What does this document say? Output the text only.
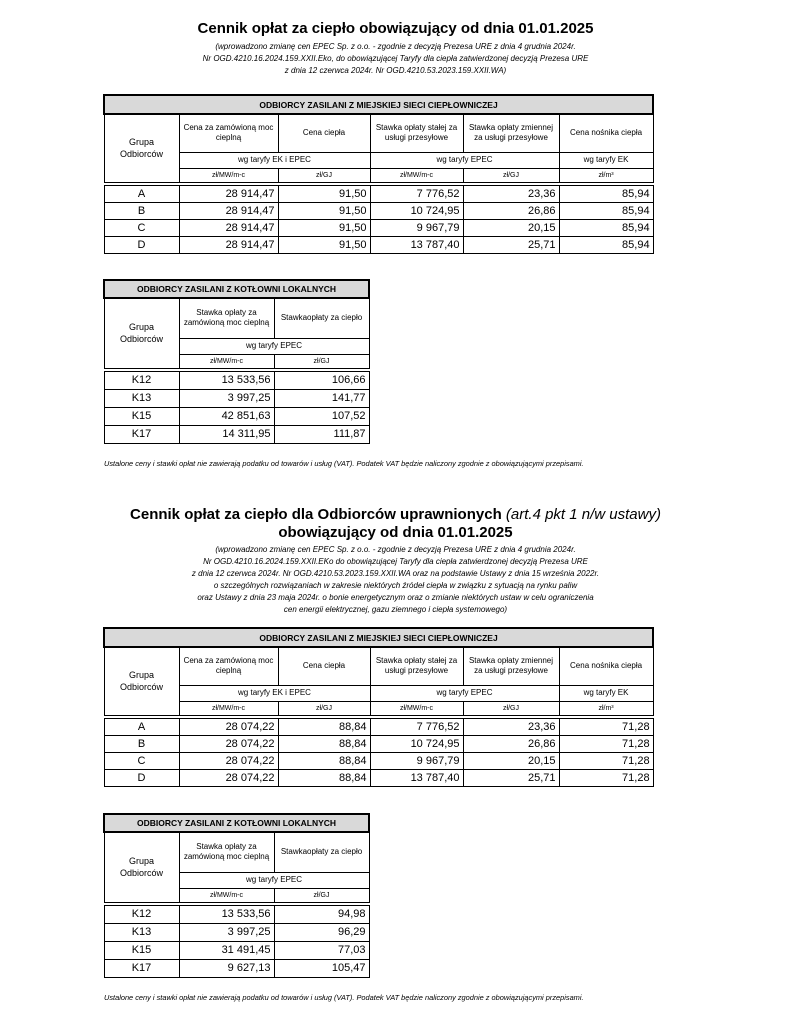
Cennik opłat za ciepło obowiązujący od dnia 01.01.2025
(wprowadzono zmianę cen EPEC Sp. z o.o. - zgodnie z decyzją Prezesa URE z dnia 4 grudnia 2024r.
Nr OGD.4210.16.2024.159.XXII.Eko, do obowiązującej Taryfy dla ciepła zatwierdzonej decyzją Prezesa URE
z dnia 12 czerwca 2024r. Nr OGD.4210.53.2023.159.XXII.WA)
ODBIORCY ZASILANI Z MIEJSKIEJ SIECI CIEPŁOWNICZEJ					
Grupa Odbiorców	Cena za zamówioną moc cieplną	Cena ciepła	Stawka opłaty stałej za usługi przesyłowe	Stawka opłaty zmiennej za usługi przesyłowe	Cena nośnika ciepła
	wg taryfy EK i EPEC		wg taryfy EPEC		wg taryfy EK
	zł/MW/m-c	zł/GJ	zł/MW/m-c	zł/GJ	zł/m³

A	28 914,47	91,50	7 776,52	23,36	85,94
B	28 914,47	91,50	10 724,95	26,86	85,94
C	28 914,47	91,50	9 967,79	20,15	85,94
D	28 914,47	91,50	13 787,40	25,71	85,94
ODBIORCY ZASILANI Z KOTŁOWNI LOKALNYCH		
Grupa Odbiorców	Stawka opłaty za zamówioną moc cieplną	Stawkaopłaty za ciepło
	wg taryfy EPEC	
	zł/MW/m-c	zł/GJ

K12	13 533,56	106,66
K13	3 997,25	141,77
K15	42 851,63	107,52
K17	14 311,95	111,87
Ustalone ceny i stawki opłat nie zawierają podatku od towarów i usług (VAT). Podatek VAT będzie naliczony zgodnie z obowiązującymi przepisami.
Cennik opłat za ciepło dla Odbiorców uprawnionych (art.4 pkt 1 n/w ustawy)
obowiązujący od dnia 01.01.2025
(wprowadzono zmianę cen EPEC Sp. z o.o. - zgodnie z decyzją Prezesa URE z dnia 4 grudnia 2024r.
Nr OGD.4210.16.2024.159.XXII.EKo do obowiązującej Taryfy dla ciepła zatwierdzonej decyzją Prezesa URE
z dnia 12 czerwca 2024r. Nr OGD.4210.53.2023.159.XXII.WA oraz na podstawie Ustawy z dnia 15 września 2022r.
o szczególnych rozwiązaniach w zakresie niektórych źródeł ciepła w związku z sytuacją na rynku paliw
oraz Ustawy z dnia 23 maja 2024r. o bonie energetycznym oraz o zmianie niektórych ustaw w celu ograniczenia
cen energii elektrycznej, gazu ziemnego i ciepła systemowego)
ODBIORCY ZASILANI Z MIEJSKIEJ SIECI CIEPŁOWNICZEJ					
Grupa Odbiorców	Cena za zamówioną moc cieplną	Cena ciepła	Stawka opłaty stałej za usługi przesyłowe	Stawka opłaty zmiennej za usługi przesyłowe	Cena nośnika ciepła
	wg taryfy EK i EPEC		wg taryfy EPEC		wg taryfy EK
	zł/MW/m-c	zł/GJ	zł/MW/m-c	zł/GJ	zł/m³

A	28 074,22	88,84	7 776,52	23,36	71,28
B	28 074,22	88,84	10 724,95	26,86	71,28
C	28 074,22	88,84	9 967,79	20,15	71,28
D	28 074,22	88,84	13 787,40	25,71	71,28
ODBIORCY ZASILANI Z KOTŁOWNI LOKALNYCH		
Grupa Odbiorców	Stawka opłaty za zamówioną moc cieplną	Stawkaopłaty za ciepło
	wg taryfy EPEC	
	zł/MW/m-c	zł/GJ

K12	13 533,56	94,98
K13	3 997,25	96,29
K15	31 491,45	77,03
K17	9 627,13	105,47
Ustalone ceny i stawki opłat nie zawierają podatku od towarów i usług (VAT). Podatek VAT będzie naliczony zgodnie z obowiązującymi przepisami.
